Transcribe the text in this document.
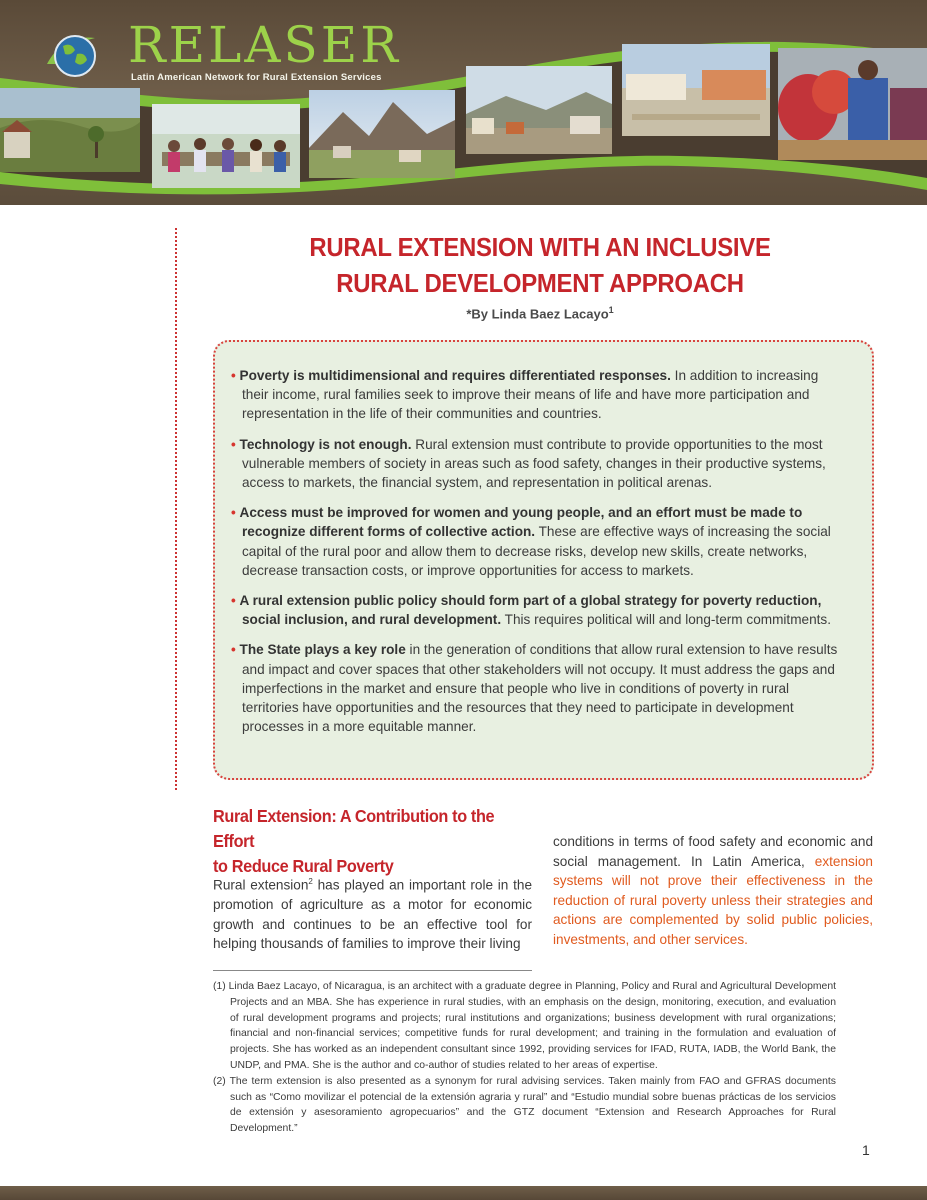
RELASER
Latin American Network for Rural Extension Services
RURAL EXTENSION WITH AN INCLUSIVE
RURAL DEVELOPMENT APPROACH
*By Linda Baez Lacayo$^1$

• Poverty is multidimensional and requires differentiated responses. In addition to increasing their income, rural families seek to improve their means of life and have more participation and representation in the life of their communities and countries.

• Technology is not enough. Rural extension must contribute to provide opportunities to the most vulnerable members of society in areas such as food safety, changes in their productive systems, access to markets, the financial system, and representation in political arenas.

• Access must be improved for women and young people, and an effort must be made to recognize different forms of collective action. These are effective ways of increasing the social capital of the rural poor and allow them to decrease risks, develop new skills, create networks, decrease transaction costs, or improve opportunities for access to markets.

• A rural extension public policy should form part of a global strategy for poverty reduction, social inclusion, and rural development. This requires political will and long-term commitments.

• The State plays a key role in the generation of conditions that allow rural extension to have results and impact and cover spaces that other stakeholders will not occupy. It must address the gaps and imperfections in the market and ensure that people who live in conditions of poverty in rural territories have opportunities and the resources that they need to participate in development processes in a more equitable manner.

Rural Extension: A Contribution to the Effort
to Reduce Rural Poverty

Rural extension$^2$ has played an important role in the promotion of agriculture as a motor for economic growth and continues to be an effective tool for helping thousands of families to improve their living

conditions in terms of food safety and economic and social management. In Latin America, extension systems will not prove their effectiveness in the reduction of rural poverty unless their strategies and actions are complemented by solid public policies, investments, and other services.

(1) Linda Baez Lacayo, of Nicaragua, is an architect with a graduate degree in Planning, Policy and Rural and Agricultural Development Projects and an MBA. She has experience in rural studies, with an emphasis on the design, monitoring, execution, and evaluation of rural development programs and projects; rural institutions and organizations; business development with rural organizations; financial and non-financial services; competitive funds for rural development; and training in the formulation and evaluation of projects. She has worked as an independent consultant since 1992, providing services for IFAD, RUTA, IADB, the World Bank, the UNDP, and PMA. She is the author and co-author of studies related to her areas of expertise.

(2) The term extension is also presented as a synonym for rural advising services. Taken mainly from FAO and GFRAS documents such as “Como movilizar el potencial de la extensión agraria y rural” and “Estudio mundial sobre buenas prácticas de los servicios de extensión y asesoramiento agropecuarios” and the GTZ document “Extension and Research Approaches for Rural Development.”

1
